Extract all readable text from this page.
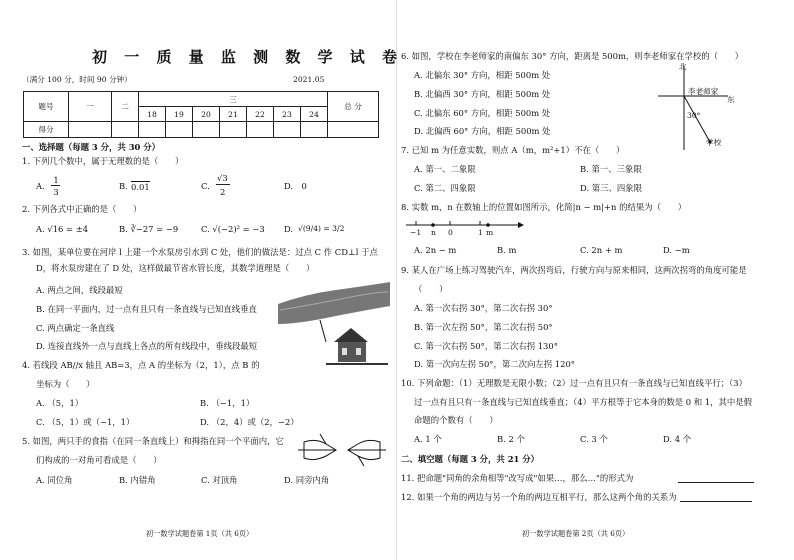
初 一 质 量 监 测 数 学 试 卷
（满分 100 分，时间 90 分钟）	2021.05
题号	一	二	三							总 分
			18	19	20	21	22	23	24	
得分										
一、选择题（每题 3 分，共 30 分）
1. 下列几个数中，属于无理数的是（　　）
A.
1
3
B. 0.01	C.
√3
2
D.　0
2. 下列各式中正确的是（　　）
A. √16 = ±4	B. ∛−27 = −9	C. √(−2)² = −3 D. √(9/4) = 3/2
3. 如图，某单位要在河岸 l 上建一个水泵房引水到 C 处，他们的做法是：过点 C 作 CD⊥l 于点
D，将水泵房建在了 D 处，这样做最节省水管长度，其数学道理是（　　）
A. 两点之间，线段最短
B. 在同一平面内，过一点有且只有一条直线与已知直线垂直
C. 两点确定一条直线
D. 连接直线外一点与直线上各点的所有线段中，垂线段最短
4. 若线段 AB//x 轴且 AB=3，点 A 的坐标为（2，1），点 B 的
坐标为（　　）
A. （5，1）	B. （−1，1）
C. （5，1）或（−1，1）	D. （2，4）或（2，−2）
5. 如图，两只手的食指（在同一条直线上）和拇指在同一个平面内，它
们构成的一对角可看成是（　　）
A. 同位角	B. 内错角	C. 对顶角	D. 同旁内角
初一数学试题卷第 1页（共 6页）
6. 如图，学校在李老师家的南偏东 30° 方向，距离是 500m，则李老师家在学校的（　　）
A. 北偏东 30° 方向，相距 500m 处
B. 北偏西 30° 方向，相距 500m 处
C. 北偏东 60° 方向，相距 500m 处
D. 北偏西 60° 方向，相距 500m 处
北
李老师家
东
30°
学校
7. 已知 m 为任意实数，则点 A（m，m²+1）不在（　　）
A. 第一、二象限	B. 第一、三象限
C. 第二、四象限	D. 第三、四象限
8. 实数 m，n 在数轴上的位置如图所示，化简|n − m|+n 的结果为（　　）
−1 n 0	1 m
A. 2n − m	B. m	C. 2n + m	D. −m
9. 某人在广场上练习驾驶汽车，两次拐弯后，行驶方向与原来相同，这两次拐弯的角度可能是
（　　）
A. 第一次右拐 30°，第二次右拐 30°
B. 第一次左拐 50°，第二次右拐 50°
C. 第一次右拐 50°，第二次右拐 130°
D. 第一次向左拐 50°，第二次向左拐 120°
10. 下列命题：（1）无理数是无限小数；（2）过一点有且只有一条直线与已知直线平行；（3）
过一点有且只有一条直线与已知直线垂直；（4）平方根等于它本身的数是 0 和 1，其中是假
命题的个数有（　　）
A. 1 个	B. 2 个	C. 3 个	D. 4 个
二、填空题（每题 3 分，共 21 分）
11. 把命题"同角的余角相等"改写成"如果…，那么…"的形式为
12. 如果一个角的两边与另一个角的两边互相平行，那么这两个角的关系为
初一数学试题卷第 2页（共 6页）
